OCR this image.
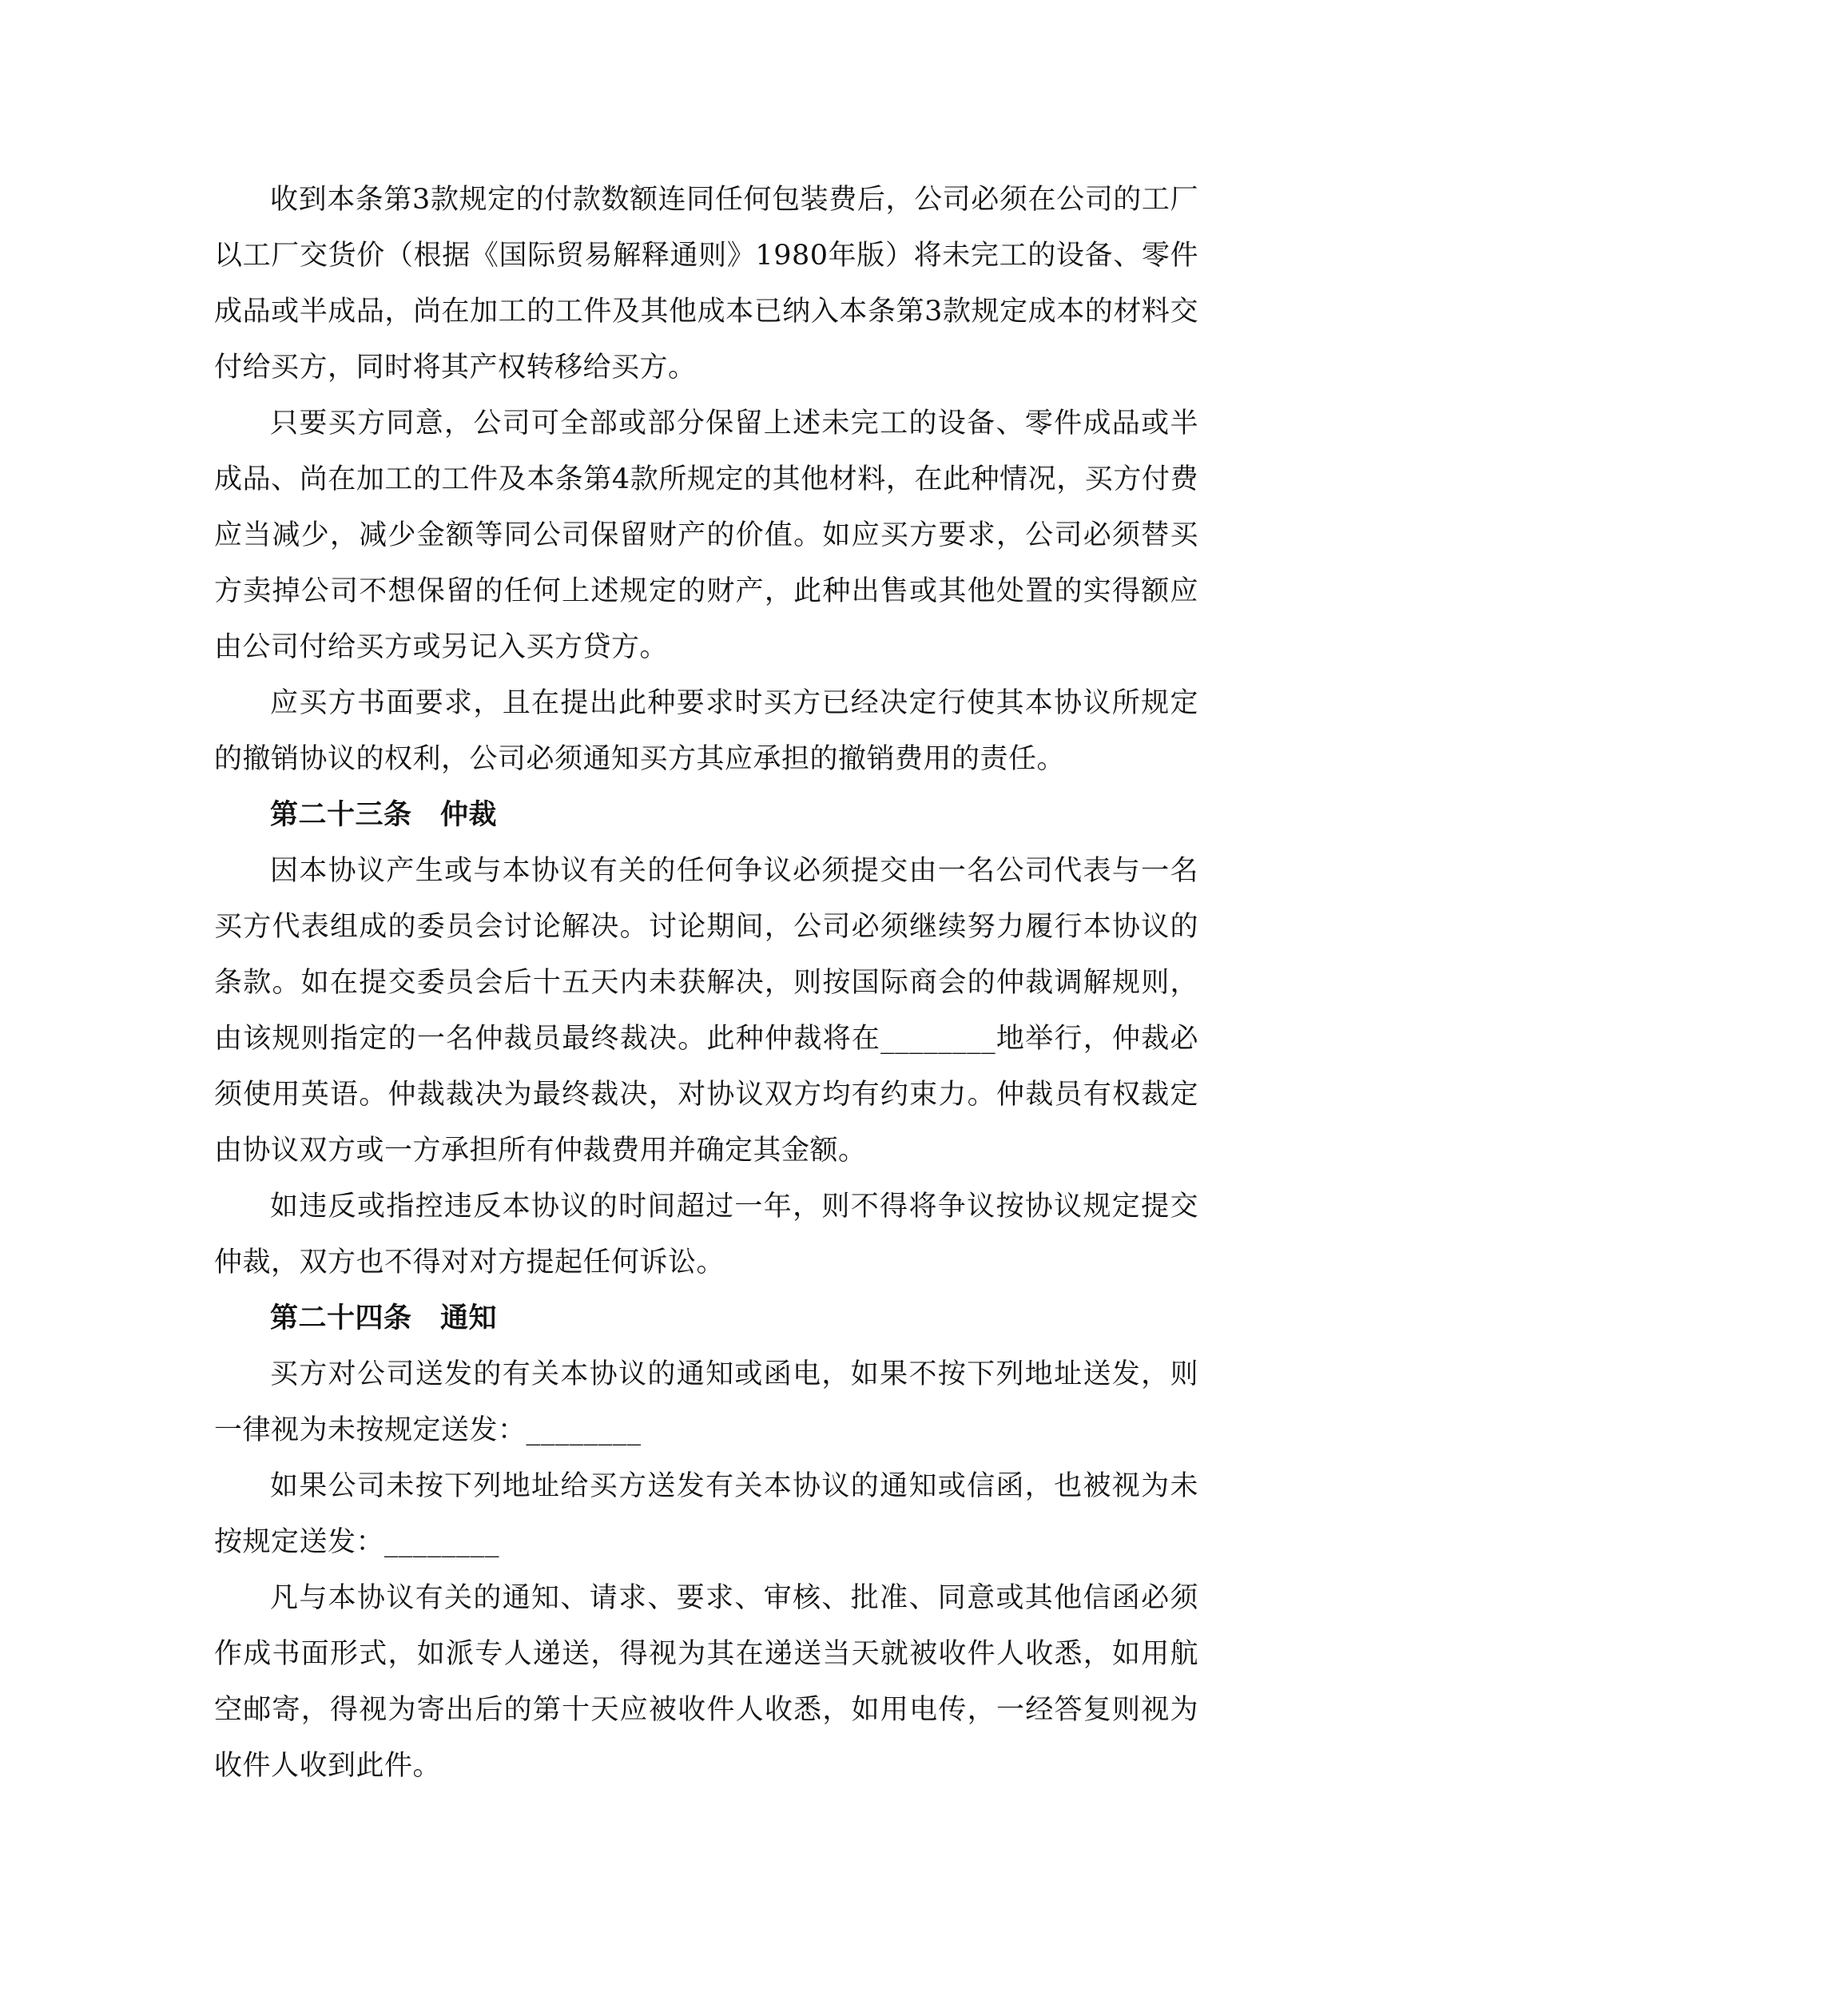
收到本条第3款规定的付款数额连同任何包装费后，公司必须在公司的工厂以工厂交货价（根据《国际贸易解释通则》1980年版）将未完工的设备、零件成品或半成品，尚在加工的工件及其他成本已纳入本条第3款规定成本的材料交付给买方，同时将其产权转移给买方。

只要买方同意，公司可全部或部分保留上述未完工的设备、零件成品或半成品、尚在加工的工件及本条第4款所规定的其他材料，在此种情况，买方付费应当减少，减少金额等同公司保留财产的价值。如应买方要求，公司必须替买方卖掉公司不想保留的任何上述规定的财产，此种出售或其他处置的实得额应由公司付给买方或另记入买方贷方。

应买方书面要求，且在提出此种要求时买方已经决定行使其本协议所规定的撤销协议的权利，公司必须通知买方其应承担的撤销费用的责任。

第二十三条　仲裁

因本协议产生或与本协议有关的任何争议必须提交由一名公司代表与一名买方代表组成的委员会讨论解决。讨论期间，公司必须继续努力履行本协议的条款。如在提交委员会后十五天内未获解决，则按国际商会的仲裁调解规则，由该规则指定的一名仲裁员最终裁决。此种仲裁将在________地举行，仲裁必须使用英语。仲裁裁决为最终裁决，对协议双方均有约束力。仲裁员有权裁定由协议双方或一方承担所有仲裁费用并确定其金额。

如违反或指控违反本协议的时间超过一年，则不得将争议按协议规定提交仲裁，双方也不得对对方提起任何诉讼。

第二十四条　通知

买方对公司送发的有关本协议的通知或函电，如果不按下列地址送发，则一律视为未按规定送发：________

如果公司未按下列地址给买方送发有关本协议的通知或信函，也被视为未按规定送发：________

凡与本协议有关的通知、请求、要求、审核、批准、同意或其他信函必须作成书面形式，如派专人递送，得视为其在递送当天就被收件人收悉，如用航空邮寄，得视为寄出后的第十天应被收件人收悉，如用电传，一经答复则视为收件人收到此件。
